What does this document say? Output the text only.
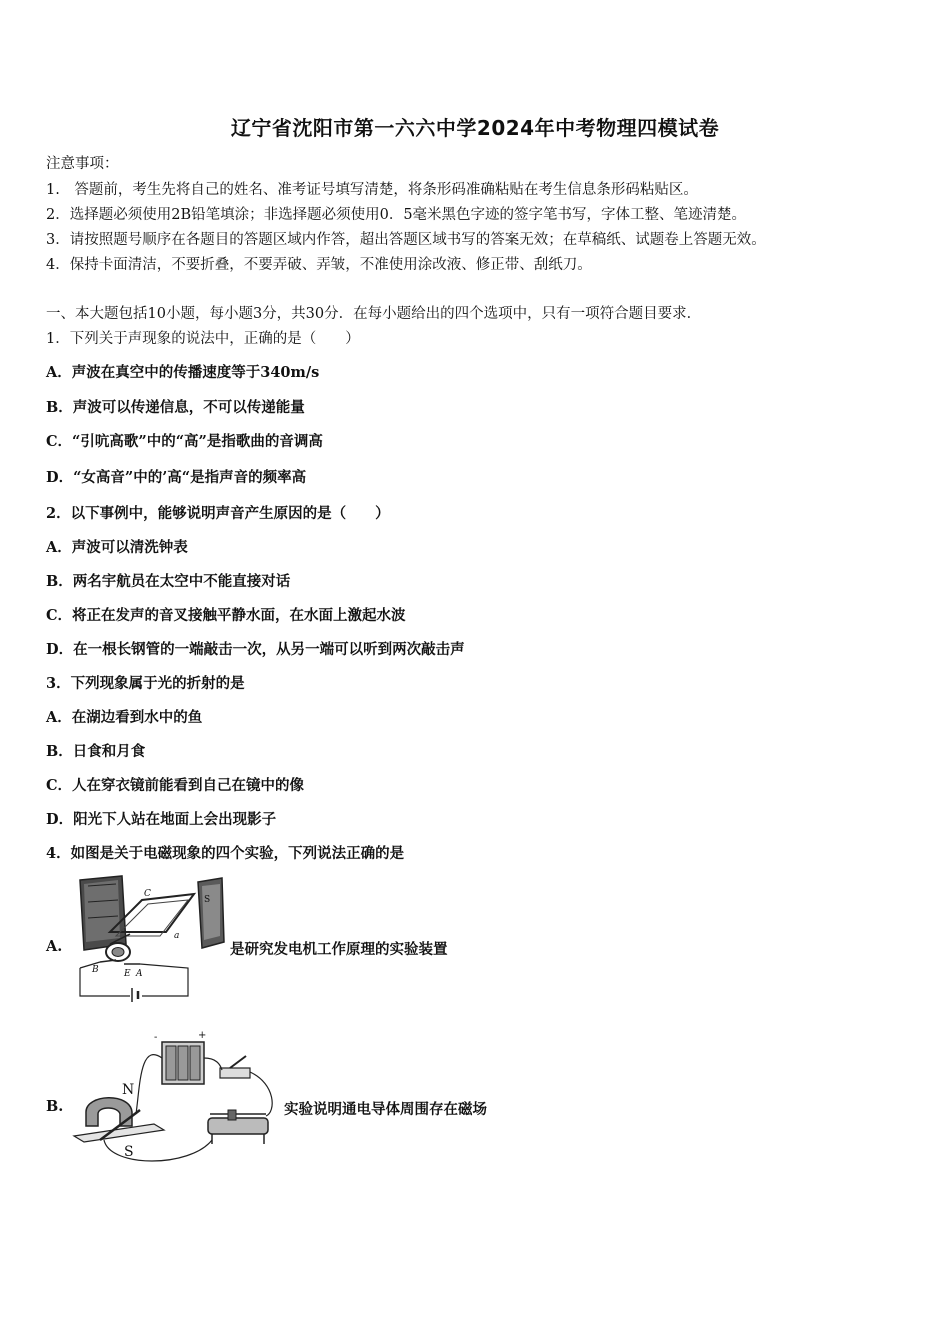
辽宁省沈阳市第一六六中学2024年中考物理四模试卷
注意事项：
1.　答题前，考生先将自己的姓名、准考证号填写清楚，将条形码准确粘贴在考生信息条形码粘贴区。
2．选择题必须使用2B铅笔填涂；非选择题必须使用0．5毫米黑色字迹的签字笔书写，字体工整、笔迹清楚。
3．请按照题号顺序在各题目的答题区域内作答，超出答题区域书写的答案无效；在草稿纸、试题卷上答题无效。
4．保持卡面清洁，不要折叠，不要弄破、弄皱，不准使用涂改液、修正带、刮纸刀。
一、本大题包括10小题，每小题3分，共30分．在每小题给出的四个选项中，只有一项符合题目要求．
1．下列关于声现象的说法中，正确的是（　　）
A．声波在真空中的传播速度等于340m/s
B．声波可以传递信息，不可以传递能量
C．“引吭高歌”中的“高”是指歌曲的音调高
D．“女高音”中的’高“是指声音的频率高
2．以下事例中，能够说明声音产生原因的是（　　）
A．声波可以清洗钟表
B．两名宇航员在太空中不能直接对话
C．将正在发声的音叉接触平静水面，在水面上激起水波
D．在一根长钢管的一端敲击一次，从另一端可以听到两次敲击声
3．下列现象属于光的折射的是
A．在湖边看到水中的鱼
B．日食和月食
C．人在穿衣镜前能看到自己在镜中的像
D．阳光下人站在地面上会出现影子
4．如图是关于电磁现象的四个实验，下列说法正确的是
A.
S
C
B	E A
a
是研究发电机工作原理的实验装置
B.
-	+
N
S
实验说明通电导体周围存在磁场
